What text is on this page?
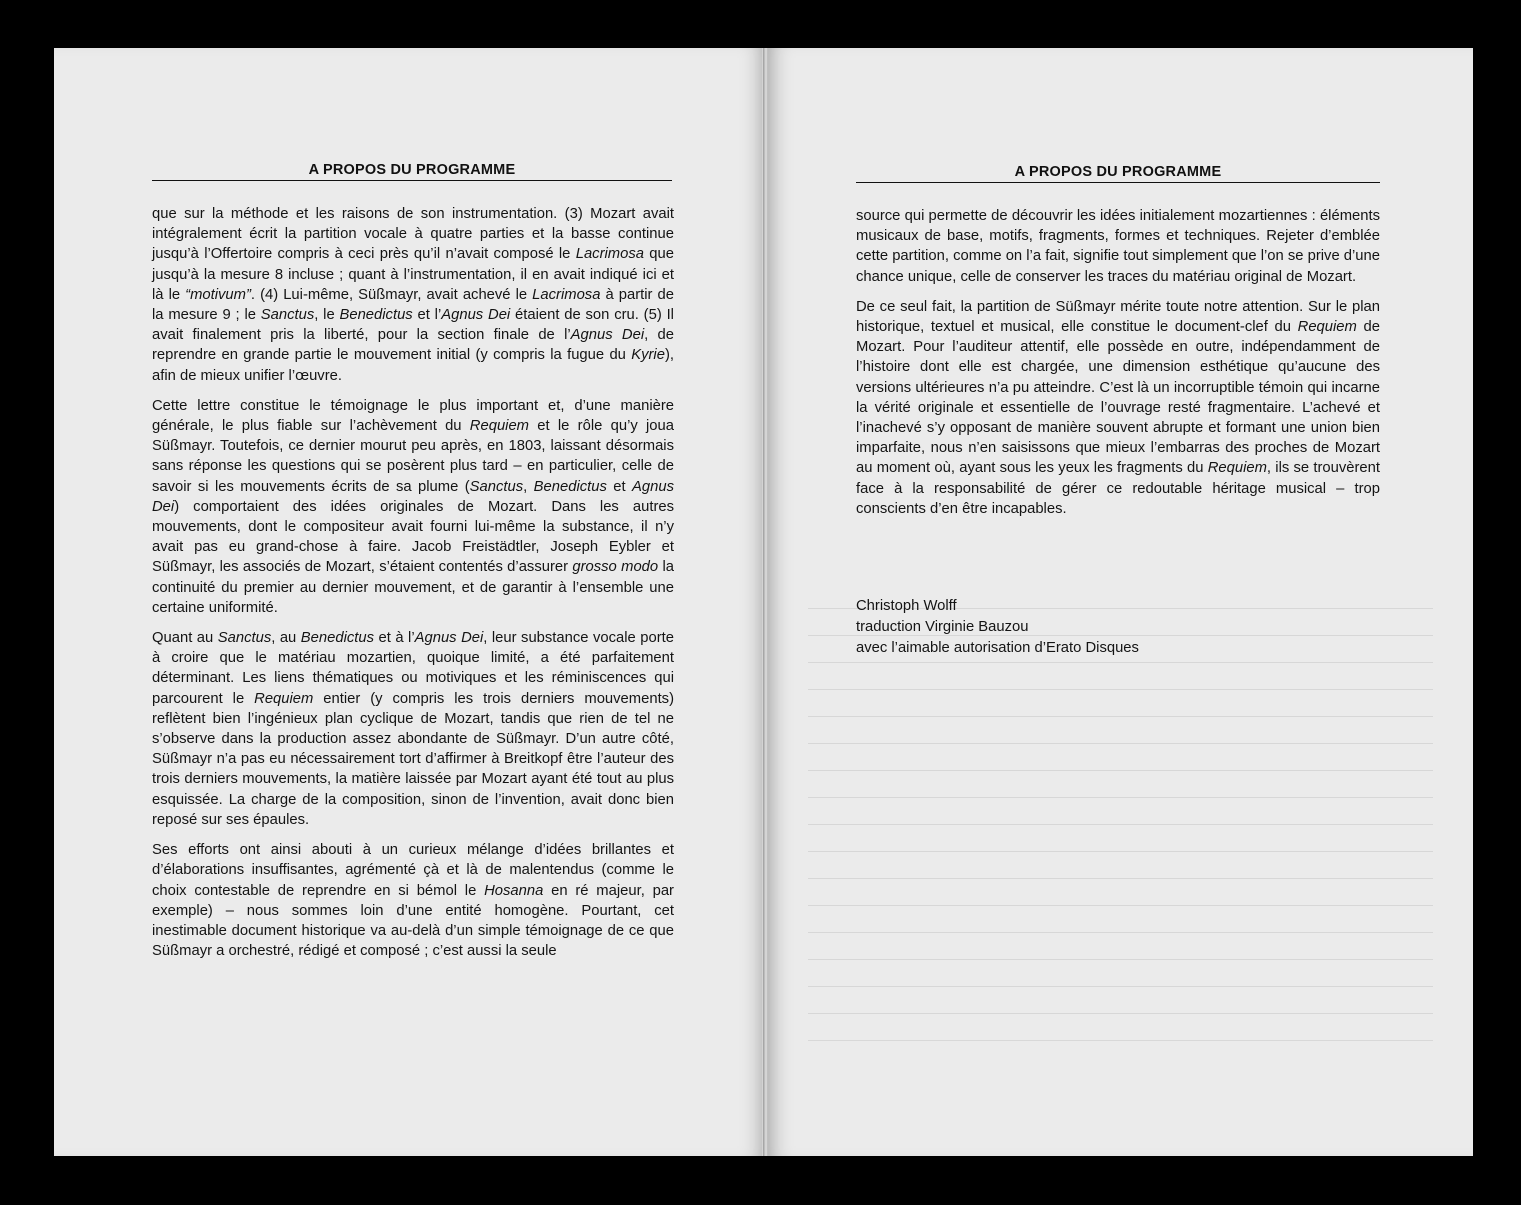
A PROPOS DU PROGRAMME

que sur la méthode et les raisons de son instrumentation. (3) Mozart avait intégralement écrit la partition vocale à quatre parties et la basse continue jusqu’à l’Offertoire compris à ceci près qu’il n’avait composé le Lacrimosa que jusqu’à la mesure 8 incluse ; quant à l’instrumentation, il en avait indiqué ici et là le “motivum”. (4) Lui-même, Süßmayr, avait achevé le Lacrimosa à partir de la mesure 9 ; le Sanctus, le Benedictus et l’Agnus Dei étaient de son cru. (5) Il avait finalement pris la liberté, pour la section finale de l’Agnus Dei, de reprendre en grande partie le mouvement initial (y compris la fugue du Kyrie), afin de mieux unifier l’œuvre.

Cette lettre constitue le témoignage le plus important et, d’une manière générale, le plus fiable sur l’achèvement du Requiem et le rôle qu’y joua Süßmayr. Toutefois, ce dernier mourut peu après, en 1803, laissant désormais sans réponse les questions qui se posèrent plus tard – en particulier, celle de savoir si les mouvements écrits de sa plume (Sanctus, Benedictus et Agnus Dei) comportaient des idées originales de Mozart. Dans les autres mouvements, dont le compositeur avait fourni lui-même la substance, il n’y avait pas eu grand-chose à faire. Jacob Freistädtler, Joseph Eybler et Süßmayr, les associés de Mozart, s’étaient contentés d’assurer grosso modo la continuité du premier au dernier mouvement, et de garantir à l’ensemble une certaine uniformité.

Quant au Sanctus, au Benedictus et à l’Agnus Dei, leur substance vocale porte à croire que le matériau mozartien, quoique limité, a été parfaitement déterminant. Les liens thématiques ou motiviques et les réminiscences qui parcourent le Requiem entier (y compris les trois derniers mouvements) reflètent bien l’ingénieux plan cyclique de Mozart, tandis que rien de tel ne s’observe dans la production assez abondante de Süßmayr. D’un autre côté, Süßmayr n’a pas eu nécessairement tort d’affirmer à Breitkopf être l’auteur des trois derniers mouvements, la matière laissée par Mozart ayant été tout au plus esquissée. La charge de la composition, sinon de l’invention, avait donc bien reposé sur ses épaules.

Ses efforts ont ainsi abouti à un curieux mélange d’idées brillantes et d’élaborations insuffisantes, agrémenté çà et là de malentendus (comme le choix contestable de reprendre en si bémol le Hosanna en ré majeur, par exemple) – nous sommes loin d’une entité homogène. Pourtant, cet inestimable document historique va au-delà d’un simple témoignage de ce que Süßmayr a orchestré, rédigé et composé ; c’est aussi la seule

A PROPOS DU PROGRAMME

source qui permette de découvrir les idées initialement mozartiennes : éléments musicaux de base, motifs, fragments, formes et techniques. Rejeter d’emblée cette partition, comme on l’a fait, signifie tout simplement que l’on se prive d’une chance unique, celle de conserver les traces du matériau original de Mozart.

De ce seul fait, la partition de Süßmayr mérite toute notre attention. Sur le plan historique, textuel et musical, elle constitue le document-clef du Requiem de Mozart. Pour l’auditeur attentif, elle possède en outre, indépendamment de l’histoire dont elle est chargée, une dimension esthétique qu’aucune des versions ultérieures n’a pu atteindre. C’est là un incorruptible témoin qui incarne la vérité originale et essentielle de l’ouvrage resté fragmentaire. L’achevé et l’inachevé s’y opposant de manière souvent abrupte et formant une union bien imparfaite, nous n’en saisissons que mieux l’embarras des proches de Mozart au moment où, ayant sous les yeux les fragments du Requiem, ils se trouvèrent face à la responsabilité de gérer ce redoutable héritage musical – trop conscients d’en être incapables.

Christoph Wolff
traduction Virginie Bauzou
avec l’aimable autorisation d’Erato Disques
